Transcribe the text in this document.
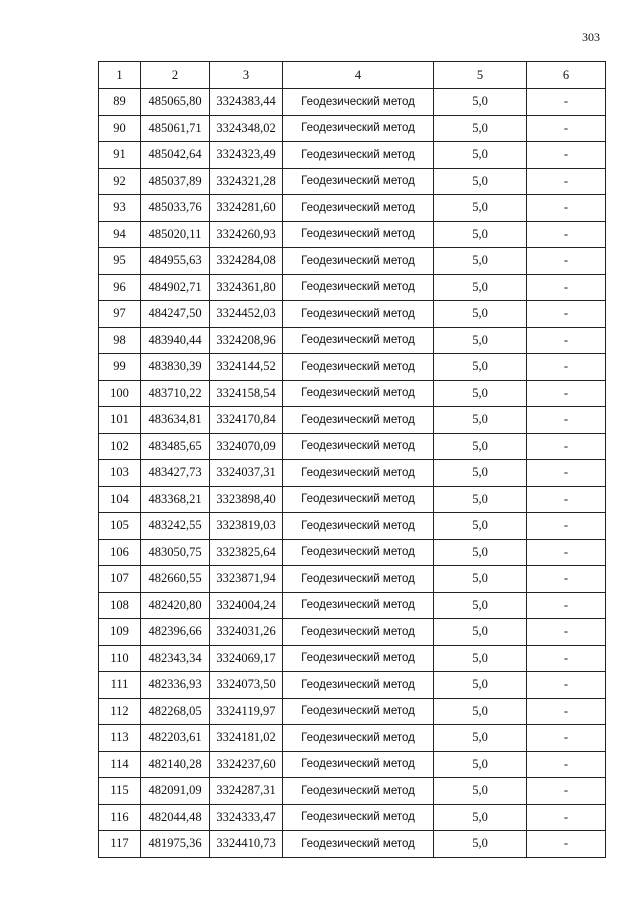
303
1	2	3	4	5	6
89	485065,80	3324383,44	Геодезический метод	5,0	-
90	485061,71	3324348,02	Геодезический метод	5,0	-
91	485042,64	3324323,49	Геодезический метод	5,0	-
92	485037,89	3324321,28	Геодезический метод	5,0	-
93	485033,76	3324281,60	Геодезический метод	5,0	-
94	485020,11	3324260,93	Геодезический метод	5,0	-
95	484955,63	3324284,08	Геодезический метод	5,0	-
96	484902,71	3324361,80	Геодезический метод	5,0	-
97	484247,50	3324452,03	Геодезический метод	5,0	-
98	483940,44	3324208,96	Геодезический метод	5,0	-
99	483830,39	3324144,52	Геодезический метод	5,0	-
100	483710,22	3324158,54	Геодезический метод	5,0	-
101	483634,81	3324170,84	Геодезический метод	5,0	-
102	483485,65	3324070,09	Геодезический метод	5,0	-
103	483427,73	3324037,31	Геодезический метод	5,0	-
104	483368,21	3323898,40	Геодезический метод	5,0	-
105	483242,55	3323819,03	Геодезический метод	5,0	-
106	483050,75	3323825,64	Геодезический метод	5,0	-
107	482660,55	3323871,94	Геодезический метод	5,0	-
108	482420,80	3324004,24	Геодезический метод	5,0	-
109	482396,66	3324031,26	Геодезический метод	5,0	-
110	482343,34	3324069,17	Геодезический метод	5,0	-
111	482336,93	3324073,50	Геодезический метод	5,0	-
112	482268,05	3324119,97	Геодезический метод	5,0	-
113	482203,61	3324181,02	Геодезический метод	5,0	-
114	482140,28	3324237,60	Геодезический метод	5,0	-
115	482091,09	3324287,31	Геодезический метод	5,0	-
116	482044,48	3324333,47	Геодезический метод	5,0	-
117	481975,36	3324410,73	Геодезический метод	5,0	-
